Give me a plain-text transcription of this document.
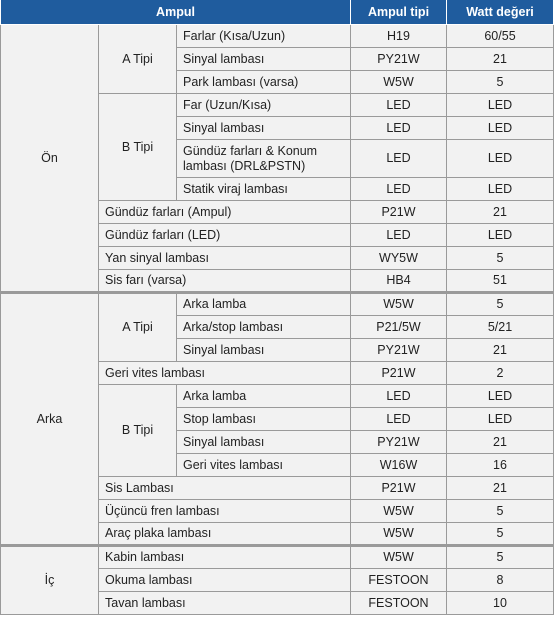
Ampul			Ampul tipi	Watt değeri
Ön	A Tipi	Farlar (Kısa/Uzun)	H19	60/55
		Sinyal lambası	PY21W	21
		Park lambası (varsa)	W5W	5
	B Tipi	Far (Uzun/Kısa)	LED	LED
		Sinyal lambası	LED	LED
		Gündüz farları & Konum lambası (DRL&PSTN)	LED	LED
		Statik viraj lambası	LED	LED
	Gündüz farları (Ampul)		P21W	21
	Gündüz farları (LED)		LED	LED
	Yan sinyal lambası		WY5W	5
	Sis farı (varsa)		HB4	51
Arka	A Tipi	Arka lamba	W5W	5
		Arka/stop lambası	P21/5W	5/21
		Sinyal lambası	PY21W	21
	Geri vites lambası		P21W	2
	B Tipi	Arka lamba	LED	LED
		Stop lambası	LED	LED
		Sinyal lambası	PY21W	21
		Geri vites lambası	W16W	16
	Sis Lambası		P21W	21
	Üçüncü fren lambası		W5W	5
	Araç plaka lambası		W5W	5
İç	Kabin lambası		W5W	5
	Okuma lambası		FESTOON	8
	Tavan lambası		FESTOON	10
